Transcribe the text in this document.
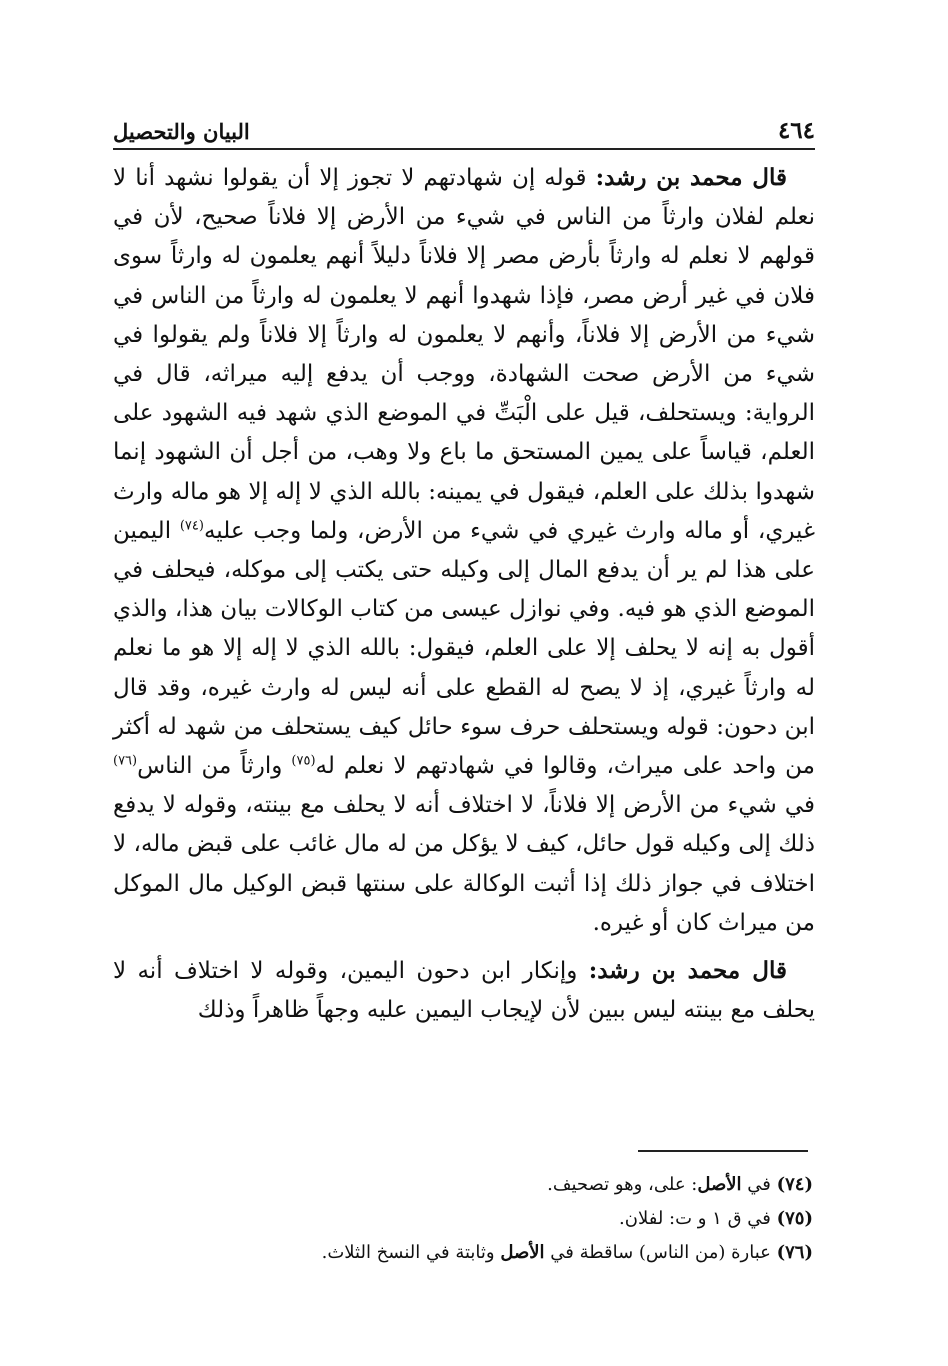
٤٦٤
البيان والتحصيل

قال محمد بن رشد: قوله إن شهادتهم لا تجوز إلا أن يقولوا نشهد أنا لا نعلم لفلان وارثاً من الناس في شيء من الأرض إلا فلاناً صحيح، لأن في قولهم لا نعلم له وارثاً بأرض مصر إلا فلاناً دليلاً أنهم يعلمون له وارثاً سوى فلان في غير أرض مصر، فإذا شهدوا أنهم لا يعلمون له وارثاً من الناس في شيء من الأرض إلا فلاناً، وأنهم لا يعلمون له وارثاً إلا فلاناً ولم يقولوا في شيء من الأرض صحت الشهادة، ووجب أن يدفع إليه ميراثه، قال في الرواية: ويستحلف، قيل على الْبَتِّ في الموضع الذي شهد فيه الشهود على العلم، قياساً على يمين المستحق ما باع ولا وهب، من أجل أن الشهود إنما شهدوا بذلك على العلم، فيقول في يمينه: بالله الذي لا إله إلا هو ماله وارث غيري، أو ماله وارث غيري في شيء من الأرض، ولما وجب عليه$^{(٧٤)}$ اليمين على هذا لم ير أن يدفع المال إلى وكيله حتى يكتب إلى موكله، فيحلف في الموضع الذي هو فيه. وفي نوازل عيسى من كتاب الوكالات بيان هذا، والذي أقول به إنه لا يحلف إلا على العلم، فيقول: بالله الذي لا إله إلا هو ما نعلم له وارثاً غيري، إذ لا يصح له القطع على أنه ليس له وارث غيره، وقد قال ابن دحون: قوله ويستحلف حرف سوء حائل كيف يستحلف من شهد له أكثر من واحد على ميراث، وقالوا في شهادتهم لا نعلم له$^{(٧٥)}$ وارثاً من الناس$^{(٧٦)}$ في شيء من الأرض إلا فلاناً، لا اختلاف أنه لا يحلف مع بينته، وقوله لا يدفع ذلك إلى وكيله قول حائل، كيف لا يؤكل من له مال غائب على قبض ماله، لا اختلاف في جواز ذلك إذا أثبت الوكالة على سنتها قبض الوكيل مال الموكل من ميراث كان أو غيره.

قال محمد بن رشد: وإنكار ابن دحون اليمين، وقوله لا اختلاف أنه لا يحلف مع بينته ليس ببين لأن لإيجاب اليمين عليه وجهاً ظاهراً وذلك

(٧٤) في الأصل: على، وهو تصحيف.
(٧٥) في ق ١ و ت: لفلان.
(٧٦) عبارة (من الناس) ساقطة في الأصل وثابتة في النسخ الثلاث.
